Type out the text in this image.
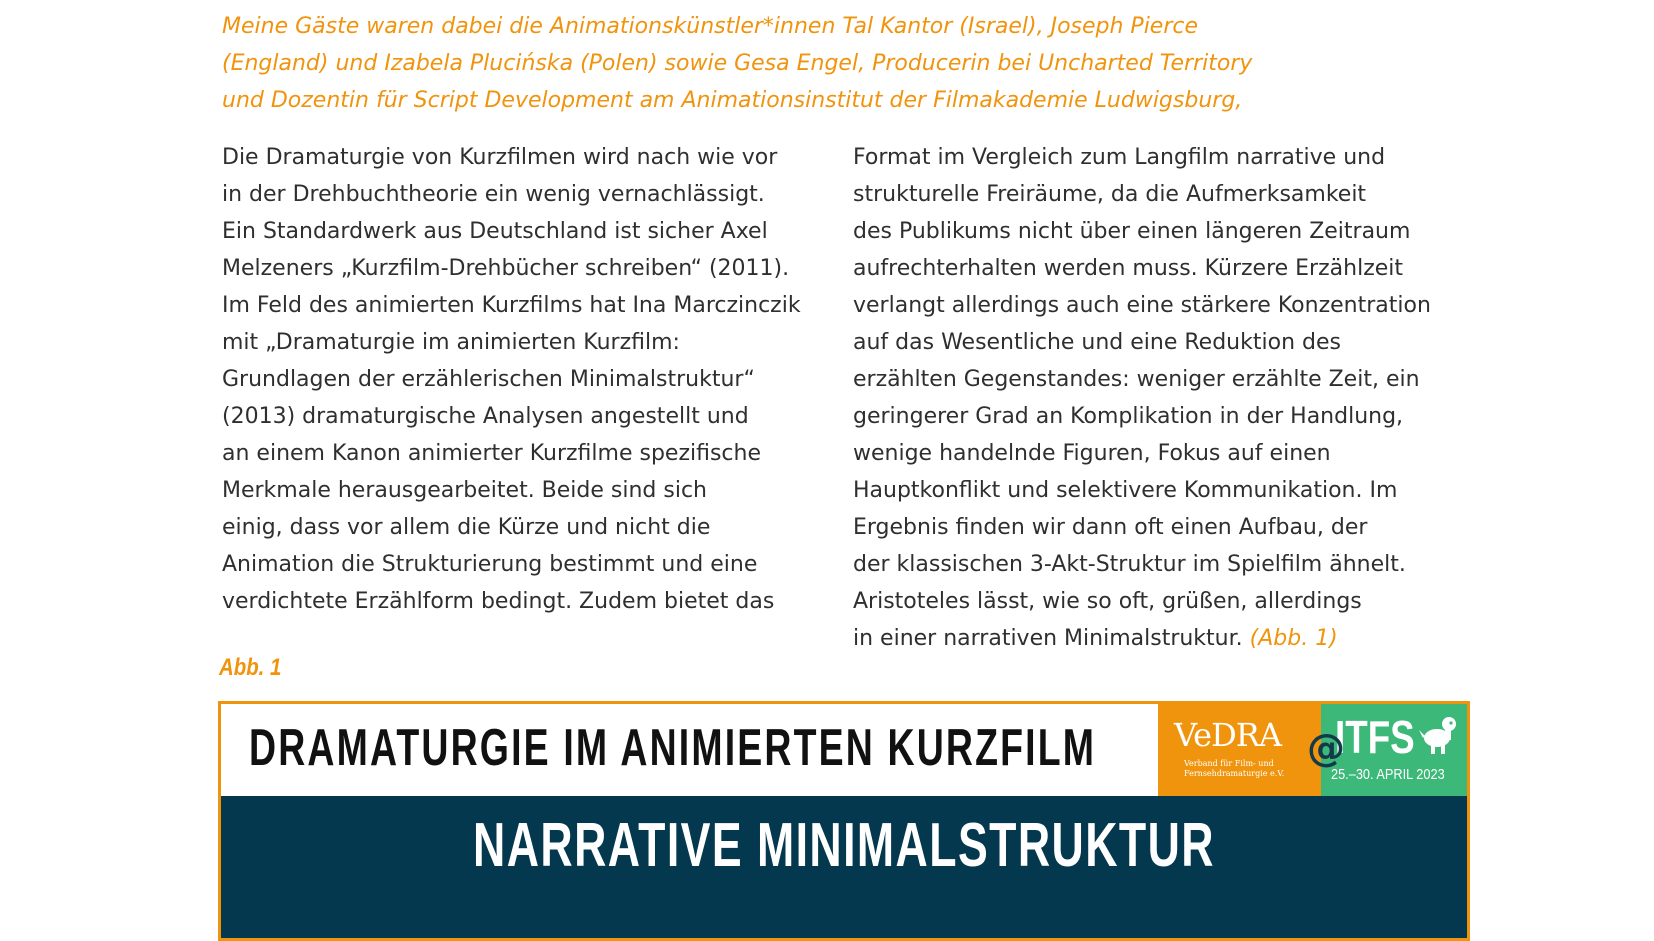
Meine Gäste waren dabei die Animationskünstler*innen Tal Kantor (Israel), Joseph Pierce
(England) und Izabela Plucińska (Polen) sowie Gesa Engel, Producerin bei Uncharted Territory
und Dozentin für Script Development am Animationsinstitut der Filmakademie Ludwigsburg,
Die Dramaturgie von Kurzfilmen wird nach wie vor
in der Drehbuchtheorie ein wenig vernachlässigt.
Ein Standardwerk aus Deutschland ist sicher Axel
Melzeners „Kurzfilm-Drehbücher schreiben“ (2011).
Im Feld des animierten Kurzfilms hat Ina Marczinczik
mit „Dramaturgie im animierten Kurzfilm:
Grundlagen der erzählerischen Minimalstruktur“
(2013) dramaturgische Analysen angestellt und
an einem Kanon animierter Kurzfilme spezifische
Merkmale herausgearbeitet. Beide sind sich
einig, dass vor allem die Kürze und nicht die
Animation die Strukturierung bestimmt und eine
verdichtete Erzählform bedingt. Zudem bietet das
Format im Vergleich zum Langfilm narrative und
strukturelle Freiräume, da die Aufmerksamkeit
des Publikums nicht über einen längeren Zeitraum
aufrechterhalten werden muss. Kürzere Erzählzeit
verlangt allerdings auch eine stärkere Konzentration
auf das Wesentliche und eine Reduktion des
erzählten Gegenstandes: weniger erzählte Zeit, ein
geringerer Grad an Komplikation in der Handlung,
wenige handelnde Figuren, Fokus auf einen
Hauptkonflikt und selektivere Kommunikation. Im
Ergebnis finden wir dann oft einen Aufbau, der
der klassischen 3-Akt-Struktur im Spielfilm ähnelt.
Aristoteles lässt, wie so oft, grüßen, allerdings
in einer narrativen Minimalstruktur. (Abb. 1)
Abb. 1
DRAMATURGIE IM ANIMIERTEN KURZFILM VeDRA
Verband für Film- und
Fernsehdramaturgie e.V.
@
ITFS
25.–30. APRIL 2023
NARRATIVE MINIMALSTRUKTUR
